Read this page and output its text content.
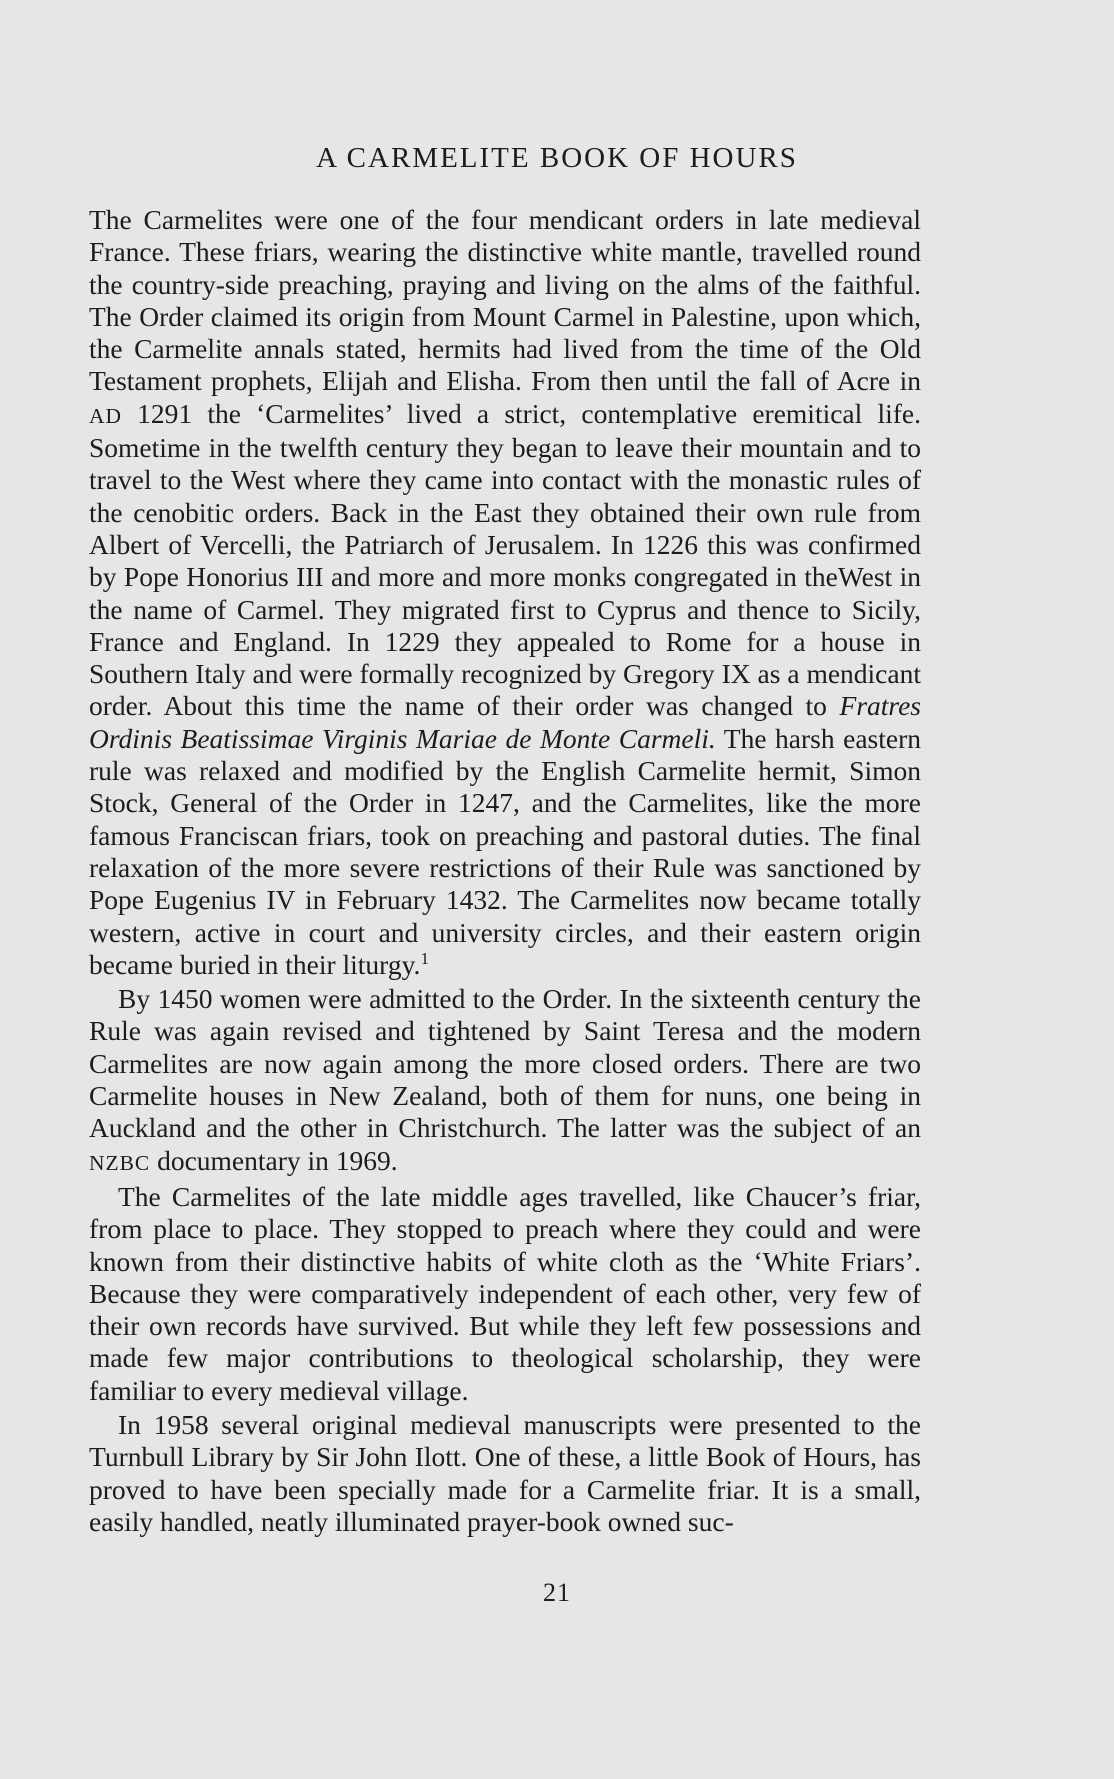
A CARMELITE BOOK OF HOURS

The Carmelites were one of the four mendicant orders in late medieval France. These friars, wearing the distinctive white mantle, travelled round the country-side preaching, praying and living on the alms of the faithful. The Order claimed its origin from Mount Carmel in Palestine, upon which, the Carmelite annals stated, hermits had lived from the time of the Old Testament prophets, Elijah and Elisha. From then until the fall of Acre in AD 1291 the ‘Carmelites’ lived a strict, contemplative eremitical life. Sometime in the twelfth century they began to leave their mountain and to travel to the West where they came into contact with the monastic rules of the cenobitic orders. Back in the East they obtained their own rule from Albert of Vercelli, the Patriarch of Jerusalem. In 1226 this was confirmed by Pope Honorius III and more and more monks congregated in theWest in the name of Carmel. They migrated first to Cyprus and thence to Sicily, France and England. In 1229 they appealed to Rome for a house in Southern Italy and were formally recognized by Gregory IX as a mendicant order. About this time the name of their order was changed to Fratres Ordinis Beatissimae Virginis Mariae de Monte Carmeli. The harsh eastern rule was relaxed and modified by the English Carmelite hermit, Simon Stock, General of the Order in 1247, and the Carmelites, like the more famous Franciscan friars, took on preaching and pastoral duties. The final relaxation of the more severe restrictions of their Rule was sanctioned by Pope Eugenius IV in February 1432. The Carmelites now became totally western, active in court and university circles, and their eastern origin became buried in their liturgy.$^1$

By 1450 women were admitted to the Order. In the sixteenth century the Rule was again revised and tightened by Saint Teresa and the modern Carmelites are now again among the more closed orders. There are two Carmelite houses in New Zealand, both of them for nuns, one being in Auckland and the other in Christchurch. The latter was the subject of an NZBC documentary in 1969.

The Carmelites of the late middle ages travelled, like Chaucer’s friar, from place to place. They stopped to preach where they could and were known from their distinctive habits of white cloth as the ‘White Friars’. Because they were comparatively independent of each other, very few of their own records have survived. But while they left few possessions and made few major contributions to theological scholarship, they were familiar to every medieval village.

In 1958 several original medieval manuscripts were presented to the Turnbull Library by Sir John Ilott. One of these, a little Book of Hours, has proved to have been specially made for a Carmelite friar. It is a small, easily handled, neatly illuminated prayer-book owned suc-

21
